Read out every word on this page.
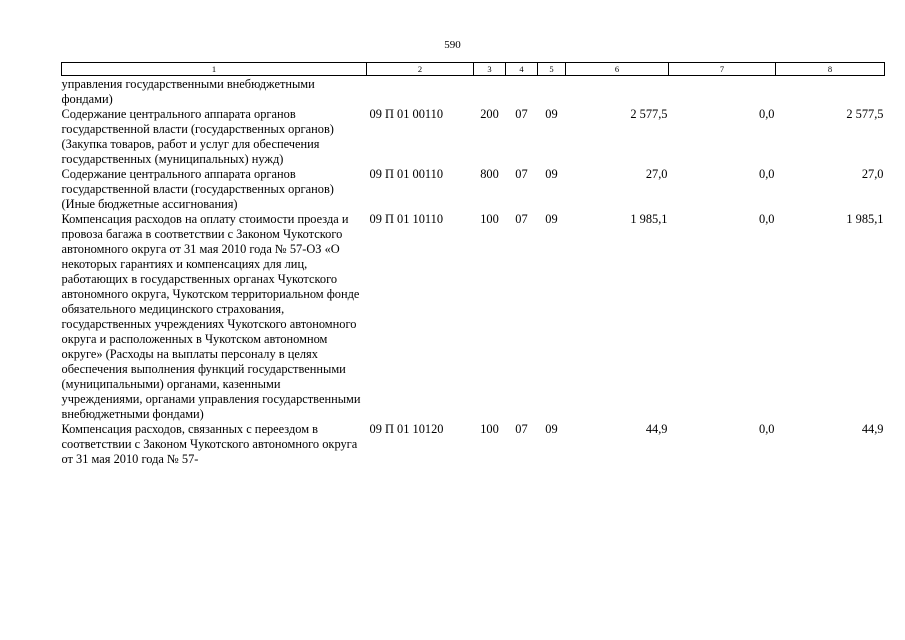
590
1	2	3	4	5	6	7	8
управления государственными внебюджетными фондами)							
Содержание центрального аппарата органов государственной власти (государственных органов) (Закупка товаров, работ и услуг для обеспечения государственных (муниципальных) нужд)	09 П 01 00110	200	07	09	2 577,5	0,0	2 577,5
Содержание центрального аппарата органов государственной власти (государственных органов) (Иные бюджетные ассигнования)	09 П 01 00110	800	07	09	27,0	0,0	27,0
Компенсация расходов на оплату стоимости проезда и провоза багажа в соответствии с Законом Чукотского автономного округа от 31 мая 2010 года № 57-ОЗ «О некоторых гарантиях и компенсациях для лиц, работающих в государственных органах Чукотского автономного округа, Чукотском территориальном фонде обязательного медицинского страхования, государственных учреждениях Чукотского автономного округа и расположенных в Чукотском автономном округе» (Расходы на выплаты персоналу в целях обеспечения выполнения функций государственными (муниципальными) органами, казенными учреждениями, органами управления государственными внебюджетными фондами)	09 П 01 10110	100	07	09	1 985,1	0,0	1 985,1
Компенсация расходов, связанных с переездом в соответствии с Законом Чукотского автономного округа от 31 мая 2010 года № 57-	09 П 01 10120	100	07	09	44,9	0,0	44,9
